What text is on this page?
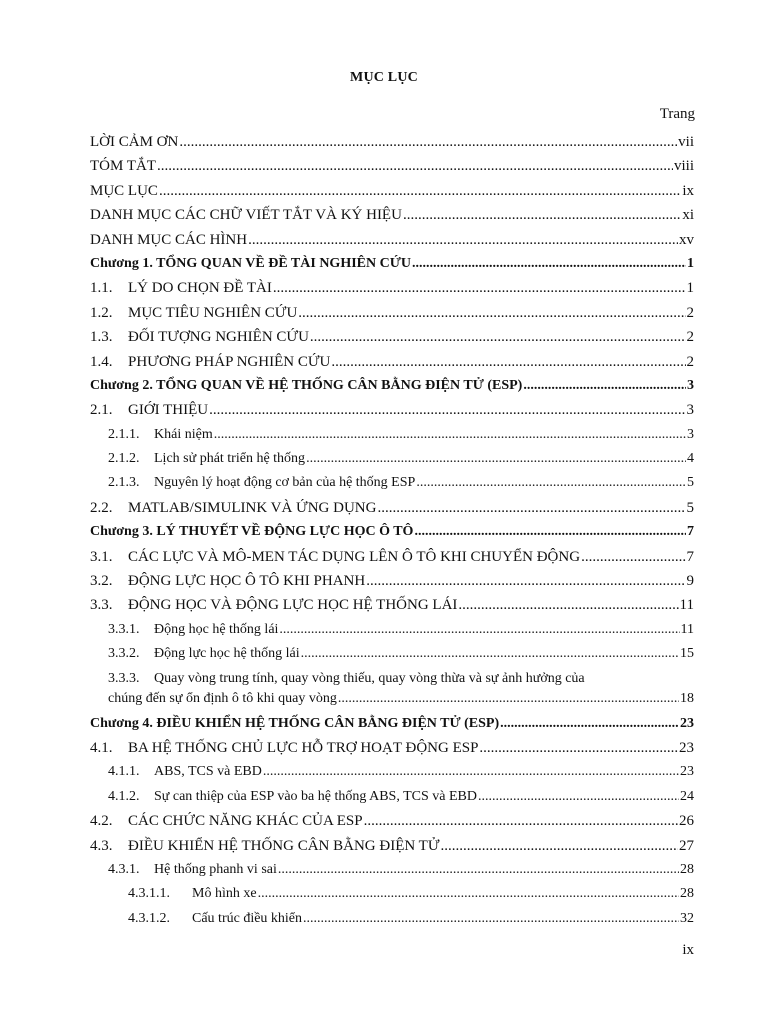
MỤC LỤC
Trang
LỜI CẢM ƠN .....	vii
TÓM TẮT .....	viii
MỤC LỤC .....	ix
DANH MỤC CÁC CHỮ VIẾT TẮT VÀ KÝ HIỆU .....	xi
DANH MỤC CÁC HÌNH .....	xv
Chương 1. TỔNG QUAN VỀ ĐỀ TÀI NGHIÊN CỨU .....	1
1.1.	LÝ DO CHỌN ĐỀ TÀI .....	1
1.2.	MỤC TIÊU NGHIÊN CỨU .....	2
1.3.	ĐỐI TƯỢNG NGHIÊN CỨU .....	2
1.4.	PHƯƠNG PHÁP NGHIÊN CỨU .....	2
Chương 2. TỔNG QUAN VỀ HỆ THỐNG CÂN BẰNG ĐIỆN TỬ (ESP) .....	3
2.1.	GIỚI THIỆU .....	3
2.1.1.	Khái niệm .....	3
2.1.2.	Lịch sử phát triển hệ thống .....	4
2.1.3.	Nguyên lý hoạt động cơ bản của hệ thống ESP .....	5
2.2.	MATLAB/SIMULINK VÀ ỨNG DỤNG .....	5
Chương 3. LÝ THUYẾT VỀ ĐỘNG LỰC HỌC Ô TÔ .....	7
3.1.	CÁC LỰC VÀ MÔ-MEN TÁC DỤNG LÊN Ô TÔ KHI CHUYỂN ĐỘNG .....	7
3.2.	ĐỘNG LỰC HỌC Ô TÔ KHI PHANH .....	9
3.3.	ĐỘNG HỌC VÀ ĐỘNG LỰC HỌC HỆ THỐNG LÁI .....	11
3.3.1.	Động học hệ thống lái .....	11
3.3.2.	Động lực học hệ thống lái .....	15
3.3.3.	Quay vòng trung tính, quay vòng thiếu, quay vòng thừa và sự ảnh hưởng của
chúng đến sự ổn định ô tô khi quay vòng .....	18
Chương 4. ĐIỀU KHIỂN HỆ THỐNG CÂN BẰNG ĐIỆN TỬ (ESP) .....	23
4.1.	BA HỆ THỐNG CHỦ LỰC HỖ TRỢ HOẠT ĐỘNG ESP .....	23
4.1.1.	ABS, TCS và EBD .....	23
4.1.2.	Sự can thiệp của ESP vào ba hệ thống ABS, TCS và EBD .....	24
4.2.	CÁC CHỨC NĂNG KHÁC CỦA ESP .....	26
4.3.	ĐIỀU KHIỂN HỆ THỐNG CÂN BẰNG ĐIỆN TỬ .....	27
4.3.1.	Hệ thống phanh vi sai .....	28
4.3.1.1.	Mô hình xe .....	28
4.3.1.2.	Cấu trúc điều khiển .....	32
ix
